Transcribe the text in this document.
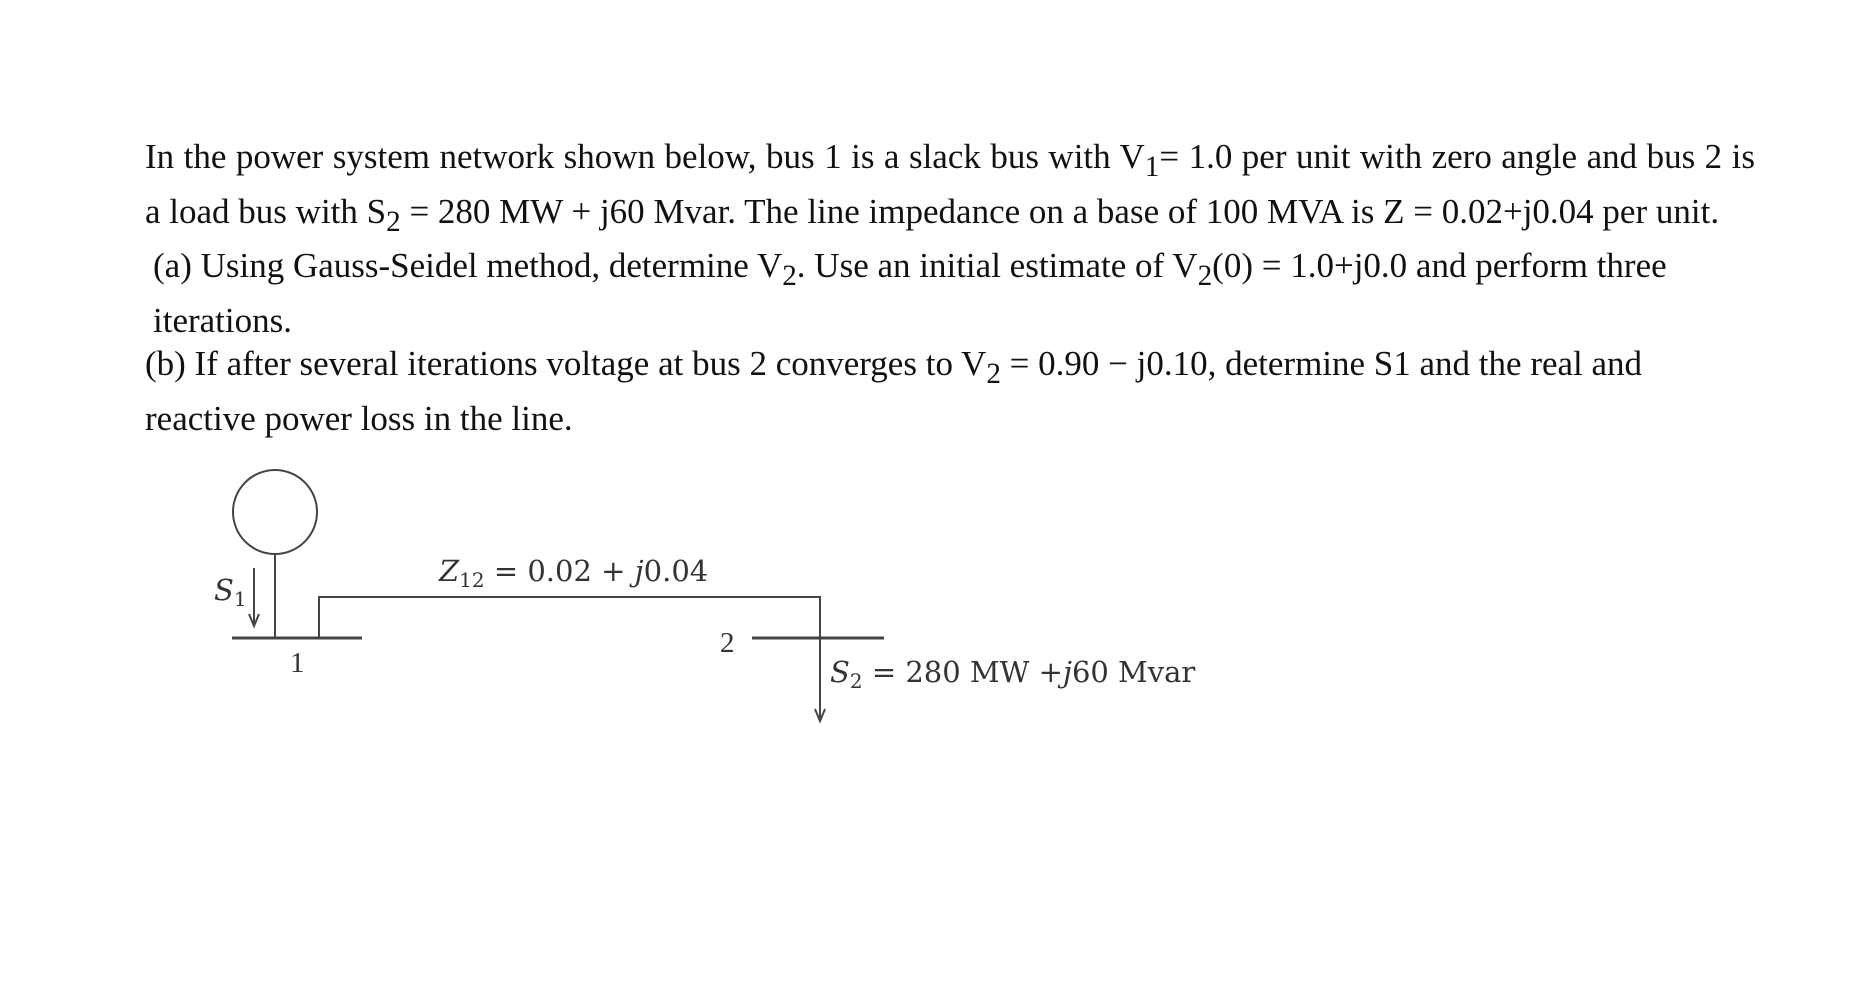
In the power system network shown below, bus 1 is a slack bus with $V_1= 1.0$ per unit with zero angle and bus 2 is a load bus with $S_2 = 280$ MW + j60 Mvar. The line impedance on a base of 100 MVA is Z = 0.02+j0.04 per unit.

(a) Using Gauss-Seidel method, determine $V_2$. Use an initial estimate of $V_2(0) = 1.0+j0.0$ and perform three iterations.

(b) If after several iterations voltage at bus 2 converges to $V_2 = 0.90 - j0.10$, determine S1 and the real and reactive power loss in the line.

$S_1$
1
2
$Z_{12} = 0.02 + j0.04$
$S_2 = 280$ MW +j60 Mvar
